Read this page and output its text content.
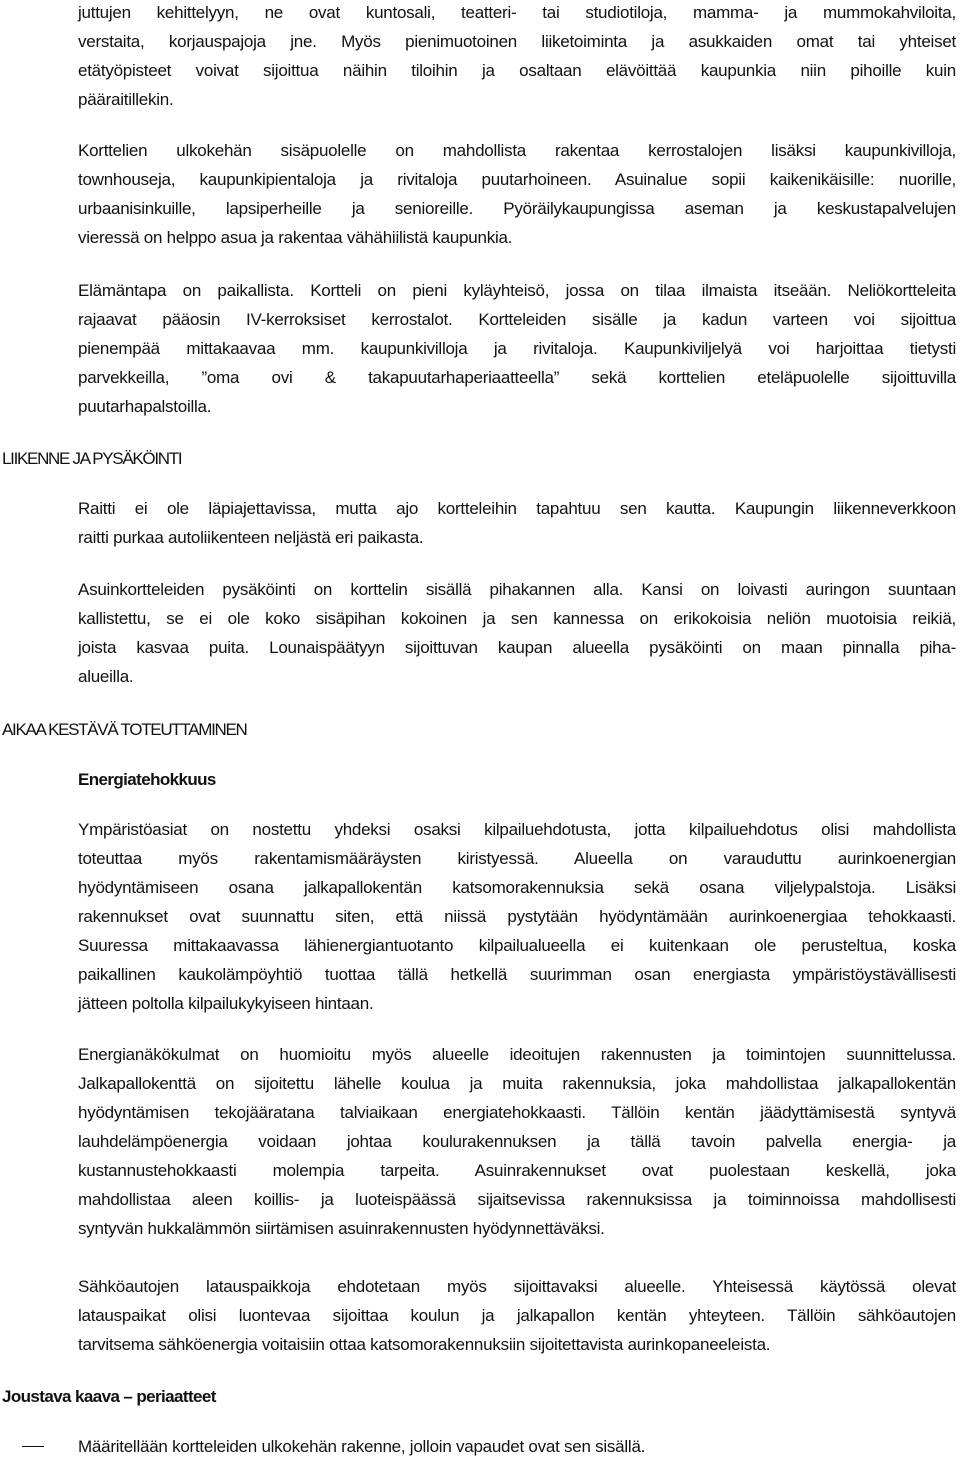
juttujen kehittelyyn, ne ovat kuntosali, teatteri- tai studiotiloja, mamma- ja mummokahviloita,
verstaita, korjauspajoja jne. Myös pienimuotoinen liiketoiminta ja asukkaiden omat tai yhteiset
etätyöpisteet voivat sijoittua näihin tiloihin ja osaltaan elävöittää kaupunkia niin pihoille kuin
pääraitillekin.
Korttelien ulkokehän sisäpuolelle on mahdollista rakentaa kerrostalojen lisäksi kaupunkivilloja,
townhouseja, kaupunkipientaloja ja rivitaloja puutarhoineen. Asuinalue sopii kaikenikäisille: nuorille,
urbaanisinkuille, lapsiperheille ja senioreille. Pyöräilykaupungissa aseman ja keskustapalvelujen
vieressä on helppo asua ja rakentaa vähähiilistä kaupunkia.
Elämäntapa on paikallista. Kortteli on pieni kyläyhteisö, jossa on tilaa ilmaista itseään. Neliökortteleita
rajaavat pääosin IV-kerroksiset kerrostalot. Kortteleiden sisälle ja kadun varteen voi sijoittua
pienempää mittakaavaa mm. kaupunkivilloja ja rivitaloja. Kaupunkiviljelyä voi harjoittaa tietysti
parvekkeilla, ”oma ovi & takapuutarhaperiaatteella” sekä korttelien eteläpuolelle sijoittuvilla
puutarhapalstoilla.
LIIKENNE JA PYSÄKÖINTI
Raitti ei ole läpiajettavissa, mutta ajo kortteleihin tapahtuu sen kautta. Kaupungin liikenneverkkoon
raitti purkaa autoliikenteen neljästä eri paikasta.
Asuinkortteleiden pysäköinti on korttelin sisällä pihakannen alla. Kansi on loivasti auringon suuntaan
kallistettu, se ei ole koko sisäpihan kokoinen ja sen kannessa on erikokoisia neliön muotoisia reikiä,
joista kasvaa puita. Lounaispäätyyn sijoittuvan kaupan alueella pysäköinti on maan pinnalla piha-
alueilla.
AIKAA KESTÄVÄ TOTEUTTAMINEN
Energiatehokkuus
Ympäristöasiat on nostettu yhdeksi osaksi kilpailuehdotusta, jotta kilpailuehdotus olisi mahdollista
toteuttaa myös rakentamismääräysten kiristyessä. Alueella on varauduttu aurinkoenergian
hyödyntämiseen osana jalkapallokentän katsomorakennuksia sekä osana viljelypalstoja. Lisäksi
rakennukset ovat suunnattu siten, että niissä pystytään hyödyntämään aurinkoenergiaa tehokkaasti.
Suuressa mittakaavassa lähienergiantuotanto kilpailualueella ei kuitenkaan ole perusteltua, koska
paikallinen kaukolämpöyhtiö tuottaa tällä hetkellä suurimman osan energiasta ympäristöystävällisesti
jätteen poltolla kilpailukykyiseen hintaan.
Energianäkökulmat on huomioitu myös alueelle ideoitujen rakennusten ja toimintojen suunnittelussa.
Jalkapallokenttä on sijoitettu lähelle koulua ja muita rakennuksia, joka mahdollistaa jalkapallokentän
hyödyntämisen tekojääratana talviaikaan energiatehokkaasti. Tällöin kentän jäädyttämisestä syntyvä
lauhdelämpöenergia voidaan johtaa koulurakennuksen ja tällä tavoin palvella energia- ja
kustannustehokkaasti molempia tarpeita. Asuinrakennukset ovat puolestaan keskellä, joka
mahdollistaa aleen koillis- ja luoteispäässä sijaitsevissa rakennuksissa ja toiminnoissa mahdollisesti
syntyvän hukkalämmön siirtämisen asuinrakennusten hyödynnettäväksi.
Sähköautojen latauspaikkoja ehdotetaan myös sijoittavaksi alueelle. Yhteisessä käytössä olevat
latauspaikat olisi luontevaa sijoittaa koulun ja jalkapallon kentän yhteyteen. Tällöin sähköautojen
tarvitsema sähköenergia voitaisiin ottaa katsomorakennuksiin sijoitettavista aurinkopaneeleista.
Joustava kaava – periaatteet
Määritellään kortteleiden ulkokehän rakenne, jolloin vapaudet ovat sen sisällä.
